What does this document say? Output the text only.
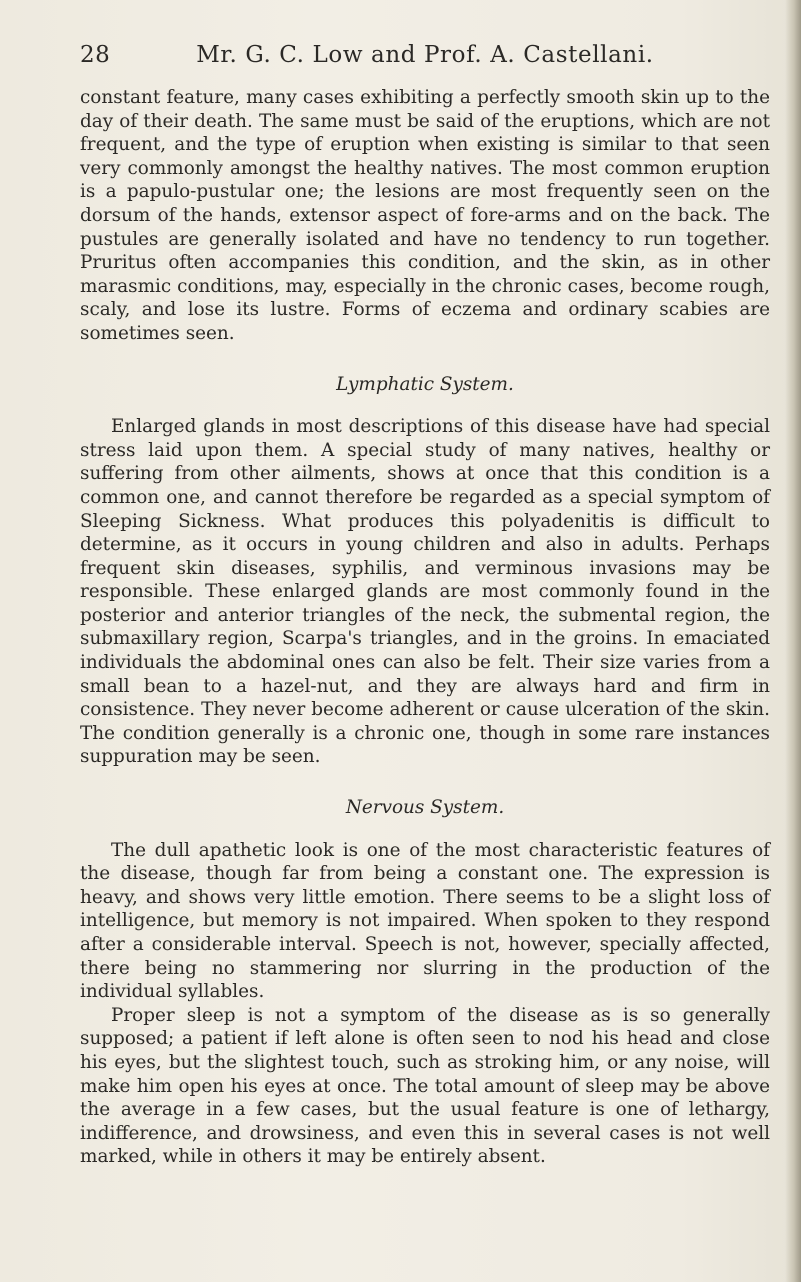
28	Mr. G. C. Low and Prof. A. Castellani.

constant feature, many cases exhibiting a perfectly smooth skin up to the day of their death. The same must be said of the eruptions, which are not frequent, and the type of eruption when existing is similar to that seen very commonly amongst the healthy natives. The most common eruption is a papulo-pustular one; the lesions are most frequently seen on the dorsum of the hands, extensor aspect of fore-arms and on the back. The pustules are generally isolated and have no tendency to run together. Pruritus often accompanies this condition, and the skin, as in other marasmic conditions, may, especially in the chronic cases, become rough, scaly, and lose its lustre. Forms of eczema and ordinary scabies are sometimes seen.

Lymphatic System.

Enlarged glands in most descriptions of this disease have had special stress laid upon them. A special study of many natives, healthy or suffering from other ailments, shows at once that this condition is a common one, and cannot therefore be regarded as a special symptom of Sleeping Sickness. What produces this polyadenitis is difficult to determine, as it occurs in young children and also in adults. Perhaps frequent skin diseases, syphilis, and verminous invasions may be responsible. These enlarged glands are most commonly found in the posterior and anterior triangles of the neck, the submental region, the submaxillary region, Scarpa's triangles, and in the groins. In emaciated individuals the abdominal ones can also be felt. Their size varies from a small bean to a hazel-nut, and they are always hard and firm in consistence. They never become adherent or cause ulceration of the skin. The condition generally is a chronic one, though in some rare instances suppuration may be seen.

Nervous System.

The dull apathetic look is one of the most characteristic features of the disease, though far from being a constant one. The expression is heavy, and shows very little emotion. There seems to be a slight loss of intelligence, but memory is not impaired. When spoken to they respond after a considerable interval. Speech is not, however, specially affected, there being no stammering nor slurring in the production of the individual syllables.

Proper sleep is not a symptom of the disease as is so generally supposed; a patient if left alone is often seen to nod his head and close his eyes, but the slightest touch, such as stroking him, or any noise, will make him open his eyes at once. The total amount of sleep may be above the average in a few cases, but the usual feature is one of lethargy, indifference, and drowsiness, and even this in several cases is not well marked, while in others it may be entirely absent.
